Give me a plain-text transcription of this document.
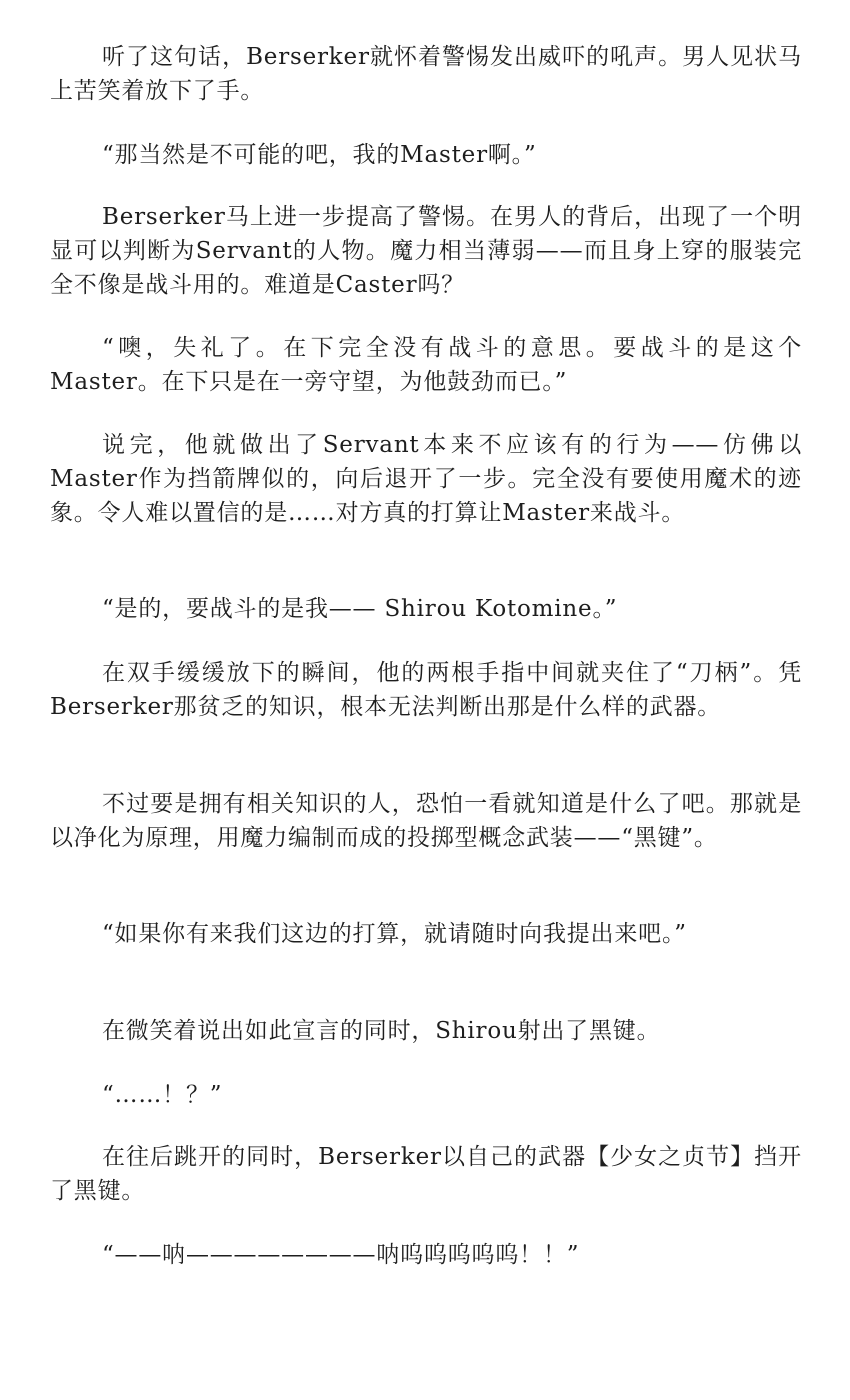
听了这句话，Berserker就怀着警惕发出威吓的吼声。男人见状马上苦笑着放下了手。

“那当然是不可能的吧，我的Master啊。”

Berserker马上进一步提高了警惕。在男人的背后，出现了一个明显可以判断为Servant的人物。魔力相当薄弱——而且身上穿的服装完全不像是战斗用的。难道是Caster吗？

“噢，失礼了。在下完全没有战斗的意思。要战斗的是这个Master。在下只是在一旁守望，为他鼓劲而已。”

说完，他就做出了Servant本来不应该有的行为——仿佛以Master作为挡箭牌似的，向后退开了一步。完全没有要使用魔术的迹象。令人难以置信的是……对方真的打算让Master来战斗。

“是的，要战斗的是我—— Shirou Kotomine。”

在双手缓缓放下的瞬间，他的两根手指中间就夹住了“刀柄”。凭Berserker那贫乏的知识，根本无法判断出那是什么样的武器。

不过要是拥有相关知识的人，恐怕一看就知道是什么了吧。那就是以净化为原理，用魔力编制而成的投掷型概念武装——“黑键”。

“如果你有来我们这边的打算，就请随时向我提出来吧。”

在微笑着说出如此宣言的同时，Shirou射出了黑键。

“……！？”

在往后跳开的同时，Berserker以自己的武器【少女之贞节】挡开了黑键。

“——呐————————呐呜呜呜呜呜！！”
